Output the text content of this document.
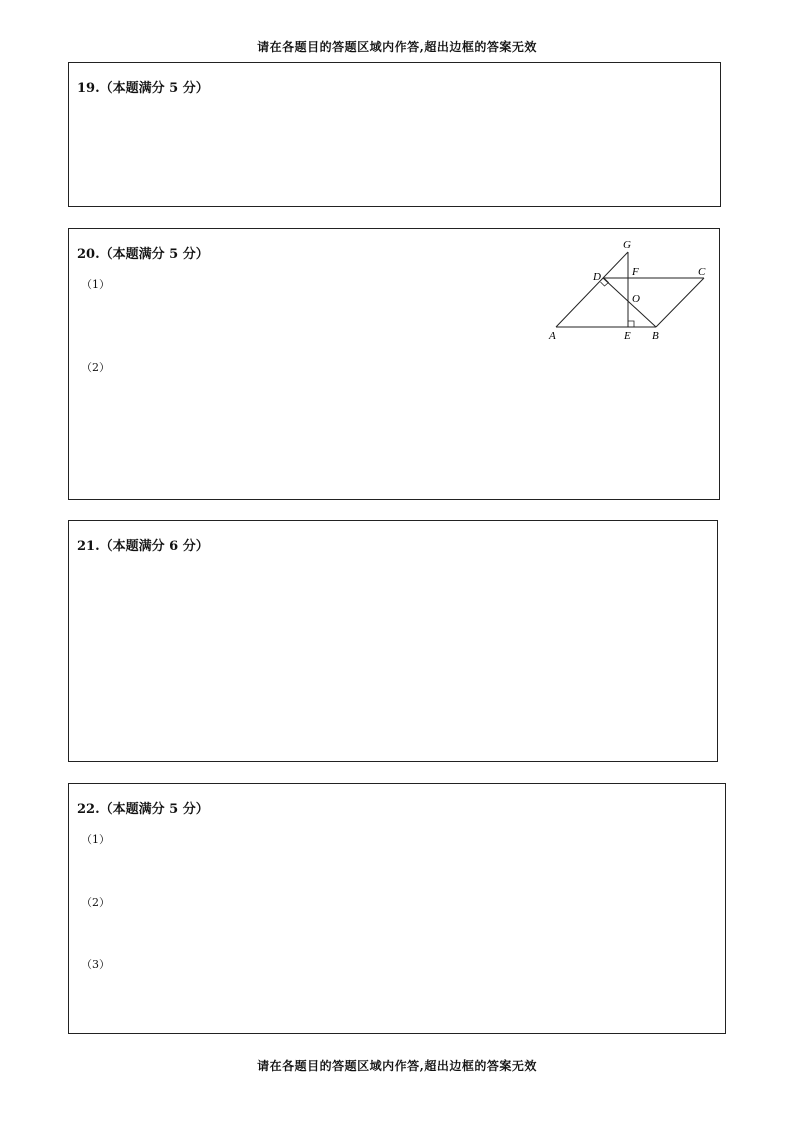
请在各题目的答题区域内作答,超出边框的答案无效
19.（本题满分 5 分）
20.（本题满分 5 分）
（1）
（2）
A	B
C
D
E
F
G
O
21.（本题满分 6 分）
22.（本题满分 5 分）
（1）
（2）
（3）
请在各题目的答题区域内作答,超出边框的答案无效
